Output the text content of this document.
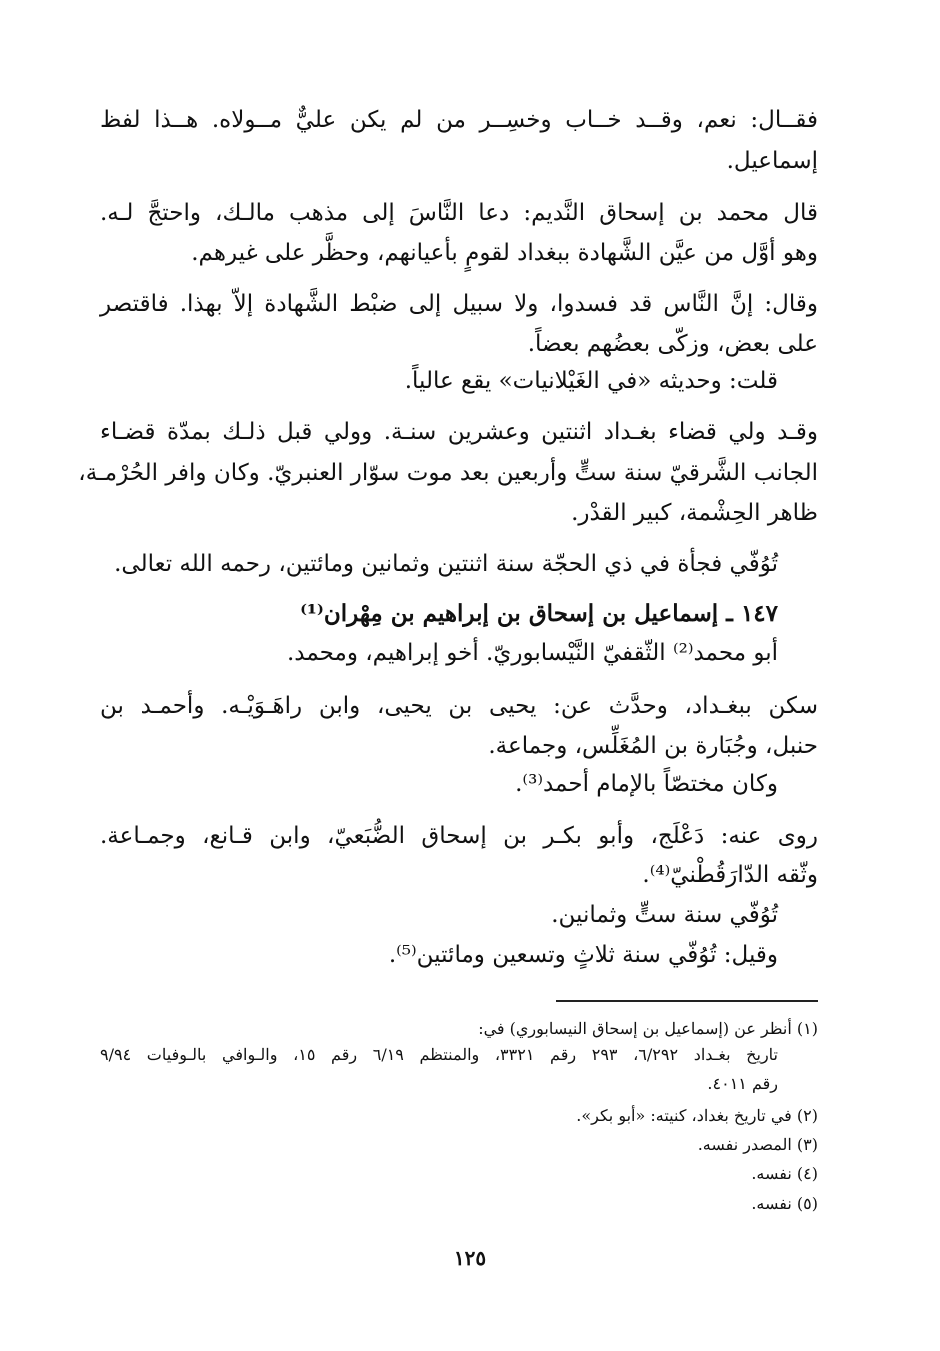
فقــال: نعم، وقــد خــاب وخسِــر من لم يكن عليٌّ مــولاه. هــذا لفظ
إسماعيل.
قال محمد بن إسحاق النَّديم: دعا النَّاسَ إلى مذهب مالـك، واحتجَّ لـه.
وهو أوَّل من عيَّن الشَّهادة ببغداد لقومٍ بأعيانهم، وحظَّر على غيرهم.
وقال: إنَّ النَّاس قد فسدوا، ولا سبيل إلى ضبْط الشَّهادة إلاّ بهذا. فاقتصر
على بعض، وزكّى بعضُهم بعضاً.
قلت: وحديثه «في الغَيْلانيات» يقع عالياً.
وقـد ولي قضاء بغـداد اثنتين وعشرين سنـة. وولي قبل ذلـك بمدّة قضـاء
الجانب الشَّرقيّ سنة ستٍّ وأربعين بعد موت سوّار العنبريّ. وكان وافر الحُرْمـة،
ظاهر الحِشْمة، كبير القدْر.
تُوُفّي فجأة في ذي الحجّة سنة اثنتين وثمانين ومائتين، رحمه الله تعالى.
١٤٧ ـ إسماعيل بن إسحاق بن إبراهيم بن مِهْران⁽¹⁾
أبو محمد⁽²⁾ الثّقفيّ النَّيْسابوريّ. أخو إبراهيم، ومحمد.
سكن ببغـداد، وحدَّث عن: يحيى بن يحيى، وابن راهَـوَيْـه. وأحمـد بن
حنبل، وجُبَارة بن المُغَلِّس، وجماعة.
وكان مختصّاً بالإمام أحمد⁽³⁾.
روى عنه: دَعْلَج، وأبو بكـر بن إسحاق الضُّبَعيّ، وابن قـانع، وجمـاعة.
وثّقه الدّارَقُطْنيّ⁽⁴⁾.
تُوُفّي سنة ستٍّ وثمانين.
وقيل: تُوُفّي سنة ثلاثٍ وتسعين ومائتين⁽⁵⁾.
(١) أنظر عن (إسماعيل بن إسحاق النيسابوري) في:
تاريخ بغـداد ٦/٢٩٢، ٢٩٣ رقم ٣٣٢١، والمنتظم ٦/١٩ رقم ١٥، والـوافي بالـوفيات ٩/٩٤
رقم ٤٠١١.
(٢) في تاريخ بغداد، كنيته: «أبو بكر».
(٣) المصدر نفسه.
(٤) نفسه.
(٥) نفسه.
١٢٥
